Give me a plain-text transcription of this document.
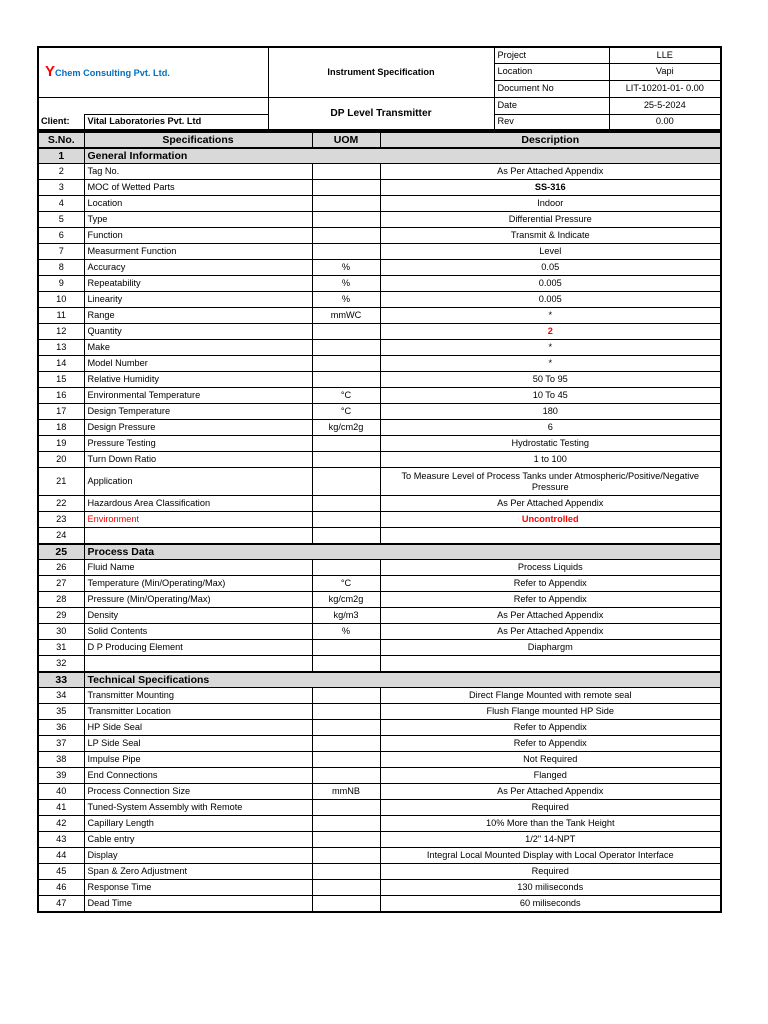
YChem Consulting Pvt. Ltd.		Instrument Specification	Project	LLE
			Location	Vapi
			Document No	LIT-10201-01- 0.00
		DP Level Transmitter	Date	25-5-2024
Client:	Vital Laboratories Pvt. Ltd		Rev	0.00
S.No.	Specifications	UOM	Description
1	General Information		
2	Tag No.		As Per Attached Appendix
3	MOC of Wetted Parts		SS-316
4	Location		Indoor
5	Type		Differential Pressure
6	Function		Transmit & Indicate
7	Measurment Function		Level
8	Accuracy	%	0.05
9	Repeatability	%	0.005
10	Linearity	%	0.005
11	Range	mmWC	*
12	Quantity		2
13	Make		*
14	Model Number		*
15	Relative Humidity		50 To 95
16	Environmental Temperature	°C	10 To 45
17	Design Temperature	°C	180
18	Design Pressure	kg/cm2g	6
19	Pressure Testing		Hydrostatic Testing
20	Turn Down Ratio		1 to 100
21	Application		To Measure Level of Process Tanks under Atmospheric/Positive/Negative Pressure
22	Hazardous Area Classification		As Per Attached Appendix
23	Environment		Uncontrolled
24			
25	Process Data		
26	Fluid Name		Process Liquids
27	Temperature (Min/Operating/Max)	°C	Refer to Appendix
28	Pressure (Min/Operating/Max)	kg/cm2g	Refer to Appendix
29	Density	kg/m3	As Per Attached Appendix
30	Solid Contents	%	As Per Attached Appendix
31	D P Producing Element		Diaphargm
32			
33	Technical Specifications		
34	Transmitter Mounting		Direct Flange Mounted with remote seal
35	Transmitter Location		Flush Flange mounted HP Side
36	HP Side Seal		Refer to Appendix
37	LP Side Seal		Refer to Appendix
38	Impulse Pipe		Not Required
39	End Connections		Flanged
40	Process Connection Size	mmNB	As Per Attached Appendix
41	Tuned-System Assembly with Remote		Required
42	Capillary Length		10% More than the Tank Height
43	Cable entry		1/2" 14-NPT
44	Display		Integral Local Mounted Display with Local Operator Interface
45	Span & Zero Adjustment		Required
46	Response Time		130 miliseconds
47	Dead Time		60 miliseconds
